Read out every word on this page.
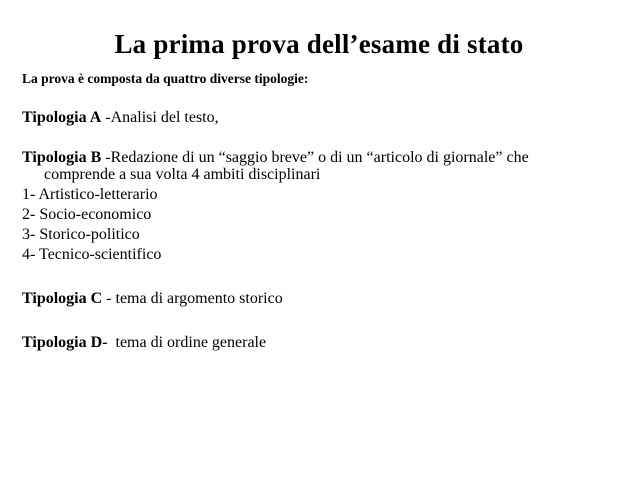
La prima prova dell’esame di stato
La prova è composta da quattro diverse tipologie:

Tipologia A -Analisi del testo,

Tipologia B -Redazione di un “saggio breve” o di un “articolo di giornale” che

comprende a sua volta 4 ambiti disciplinari

1- Artistico-letterario

2- Socio-economico

3- Storico-politico

4- Tecnico-scientifico

Tipologia C - tema di argomento storico

Tipologia D-  tema di ordine generale
